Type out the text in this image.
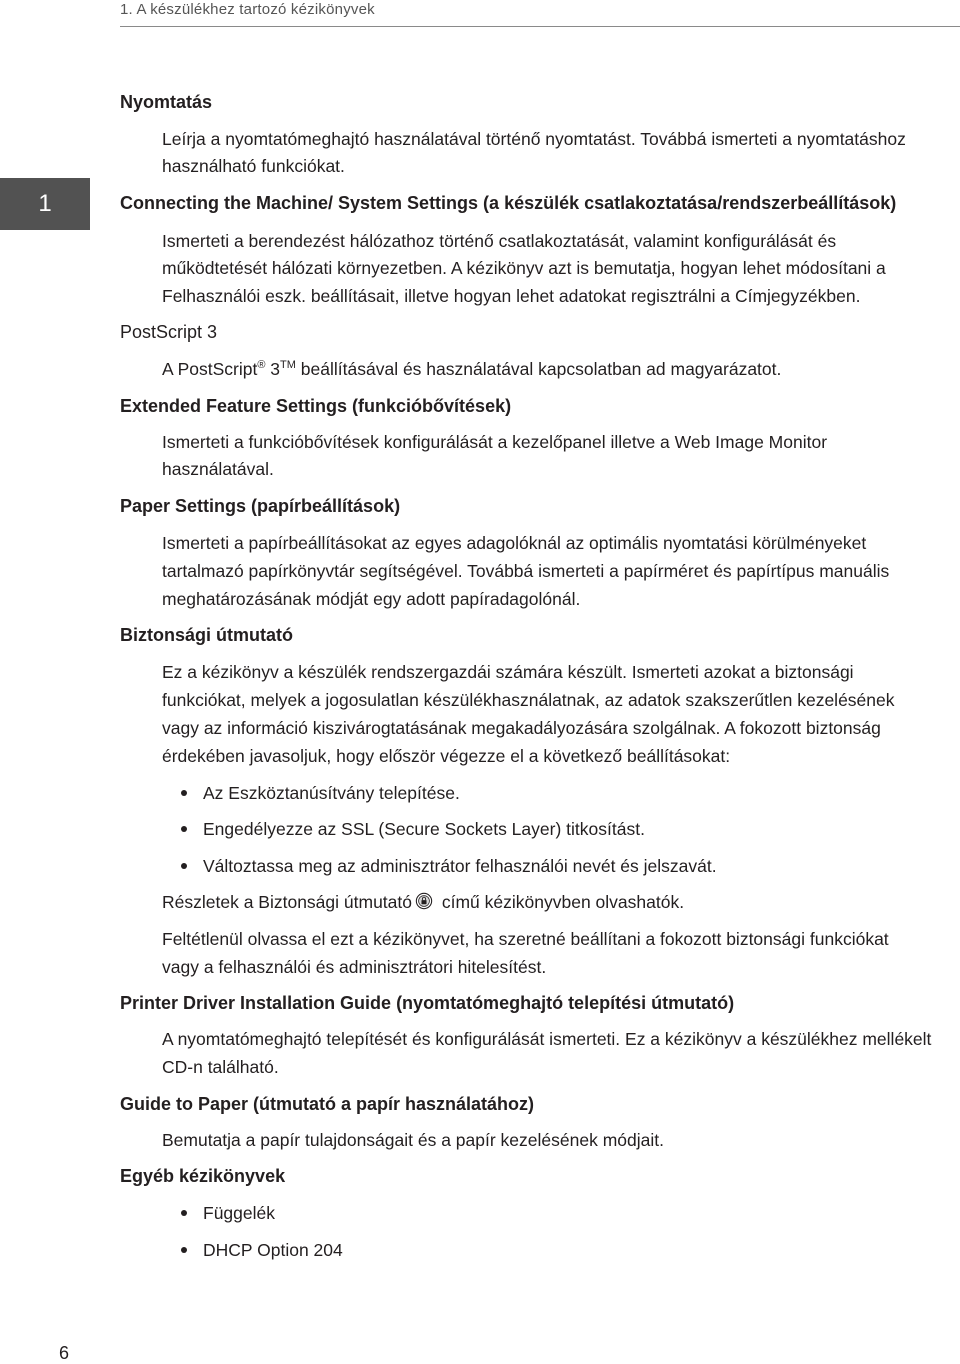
1. A készülékhez tartozó kézikönyvek
1
Nyomtatás
Leírja a nyomtatómeghajtó használatával történő nyomtatást. Továbbá ismerteti a nyomtatáshoz
használható funkciókat.
Connecting the Machine/ System Settings (a készülék csatlakoztatása/rendszerbeállítások)
Ismerteti a berendezést hálózathoz történő csatlakoztatását, valamint konfigurálását és
működtetését hálózati környezetben. A kézikönyv azt is bemutatja, hogyan lehet módosítani a
Felhasználói eszk. beállításait, illetve hogyan lehet adatokat regisztrálni a Címjegyzékben.
PostScript 3
A PostScript® 3™ beállításával és használatával kapcsolatban ad magyarázatot.
Extended Feature Settings (funkcióbővítések)
Ismerteti a funkcióbővítések konfigurálását a kezelőpanel illetve a Web Image Monitor
használatával.
Paper Settings (papírbeállítások)
Ismerteti a papírbeállításokat az egyes adagolóknál az optimális nyomtatási körülményeket
tartalmazó papírkönyvtár segítségével. Továbbá ismerteti a papírméret és papírtípus manuális
meghatározásának módját egy adott papíradagolónál.
Biztonsági útmutató
Ez a kézikönyv a készülék rendszergazdái számára készült. Ismerteti azokat a biztonsági
funkciókat, melyek a jogosulatlan készülékhasználatnak, az adatok szakszerűtlen kezelésének
vagy az információ kiszivárogtatásának megakadályozására szolgálnak. A fokozott biztonság
érdekében javasoljuk, hogy először végezze el a következő beállításokat:
Az Eszköztanúsítvány telepítése.
Engedélyezze az SSL (Secure Sockets Layer) titkosítást.
Változtassa meg az adminisztrátor felhasználói nevét és jelszavát.
Részletek a Biztonsági útmutató című kézikönyvben olvashatók.
Feltétlenül olvassa el ezt a kézikönyvet, ha szeretné beállítani a fokozott biztonsági funkciókat
vagy a felhasználói és adminisztrátori hitelesítést.
Printer Driver Installation Guide (nyomtatómeghajtó telepítési útmutató)
A nyomtatómeghajtó telepítését és konfigurálását ismerteti. Ez a kézikönyv a készülékhez mellékelt
CD-n található.
Guide to Paper (útmutató a papír használatához)
Bemutatja a papír tulajdonságait és a papír kezelésének módjait.
Egyéb kézikönyvek
Függelék
DHCP Option 204
6
